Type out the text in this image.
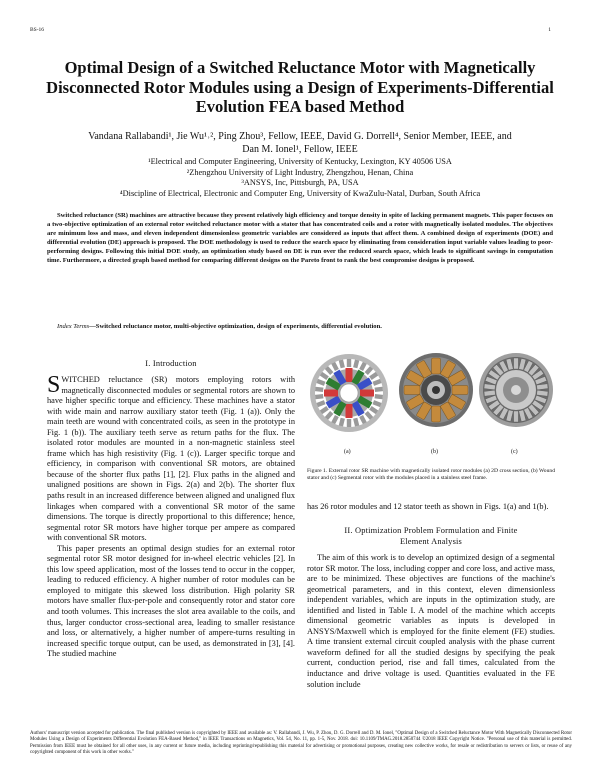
BS-16	1
Optimal Design of a Switched Reluctance Motor with Magnetically Disconnected Rotor Modules using a Design of Experiments-Differential Evolution FEA based Method
Vandana Rallabandi¹, Jie Wu¹˒², Ping Zhou³, Fellow, IEEE, David G. Dorrell⁴, Senior Member, IEEE, and
Dan M. Ionel¹, Fellow, IEEE
¹Electrical and Computer Engineering, University of Kentucky, Lexington, KY 40506 USA
²Zhengzhou University of Light Industry, Zhengzhou, Henan, China
³ANSYS, Inc, Pittsburgh, PA, USA
⁴Discipline of Electrical, Electronic and Computer Eng, University of KwaZulu-Natal, Durban, South Africa
Switched reluctance (SR) machines are attractive because they present relatively high efficiency and torque density in spite of lacking permanent magnets. This paper focuses on a two-objective optimization of an external rotor switched reluctance motor with a stator that has concentrated coils and a rotor with magnetically isolated modules. The objectives are minimum loss and mass, and eleven independent dimensionless geometric variables are considered as inputs that affect them. A combined design of experiments (DOE) and differential evolution (DE) approach is proposed. The DOE methodology is used to reduce the search space by eliminating from consideration input variable values leading to poor-performing designs. Following this initial DOE study, an optimization study based on DE is run over the reduced search space, which leads to significant savings in computation time. Furthermore, a directed graph based method for comparing different designs on the Pareto front to rank the best compromise designs is proposed.
Index Terms—Switched reluctance motor, multi-objective optimization, design of experiments, differential evolution.
I. Introduction
SWITCHED reluctance (SR) motors employing rotors with magnetically disconnected modules or segmental rotors are shown to have higher specific torque and efficiency. These machines have a stator with wide main and narrow auxiliary stator teeth (Fig. 1 (a)). Only the main teeth are wound with concentrated coils, as seen in the prototype in Fig. 1 (b)). The auxiliary teeth serve as return paths for the flux. The isolated rotor modules are mounted in a non-magnetic stainless steel frame which has high resistivity (Fig. 1 (c)). Larger specific torque and efficiency, in comparison with conventional SR motors, are obtained because of the shorter flux paths [1], [2]. Flux paths in the aligned and unaligned positions are shown in Figs. 2(a) and 2(b). The shorter flux paths result in an increased difference between aligned and unaligned flux linkages when compared with a conventional SR motor of the same dimensions. The torque is directly proportional to this difference; hence, segmental rotor SR motors have higher torque per ampere as compared with conventional SR motors.
This paper presents an optimal design studies for an external rotor segmental rotor SR motor designed for in-wheel electric vehicles [2]. In this low speed application, most of the losses tend to occur in the copper, leading to reduced efficiency. A higher number of rotor modules can be employed to mitigate this skewed loss distribution. High polarity SR motors have smaller flux-per-pole and consequently rotor and stator core and tooth volumes. This increases the slot area available to the coils, and thus, larger conductor cross-sectional area, leading to smaller resistance and loss, or alternatively, a higher number of ampere-turns resulting in increased specific torque output, can be used, as demonstrated in [3], [4]. The studied machine
(a)	(b)	(c)
Figure 1. External rotor SR machine with magnetically isolated rotor modules (a) 2D cross section, (b) Wound stator and (c) Segmental rotor with the modules placed in a stainless steel frame.
has 26 rotor modules and 12 stator teeth as shown in Figs. 1(a) and 1(b).
II. Optimization Problem Formulation and Finite
Element Analysis
The aim of this work is to develop an optimized design of a segmental rotor SR motor. The loss, including copper and core loss, and active mass, are to be minimized. These objectives are functions of the machine's geometrical parameters, and in this context, eleven dimensionless independent variables, which are inputs in the optimization study, are identified and listed in Table I. A model of the machine which accepts dimensional geometric variables as inputs is developed in ANSYS/Maxwell which is employed for the finite element (FE) studies. A time transient external circuit coupled analysis with the phase current waveform defined for all the studied designs by specifying the peak current, conduction period, rise and fall times, calculated from the inductance and drive voltage is used. Quantities evaluated in the FE solution include
Authors' manuscript version accepted for publication. The final published version is copyrighted by IEEE and available as: V. Rallabandi, J. Wu, P. Zhou, D. G. Dorrell and D. M. Ionel, "Optimal Design of a Switched Reluctance Motor With Magnetically Disconnected Rotor Modules Using a Design of Experiments Differential Evolution FEA-Based Method," in IEEE Transactions on Magnetics, Vol. 54, No. 11, pp. 1-5, Nov. 2018. doi: 10.1109/TMAG.2018.2850744 ©2018 IEEE Copyright Notice. "Personal use of this material is permitted. Permission from IEEE must be obtained for all other uses, in any current or future media, including reprinting/republishing this material for advertising or promotional purposes, creating new collective works, for resale or redistribution to servers or lists, or reuse of any copyrighted component of this work in other works."
